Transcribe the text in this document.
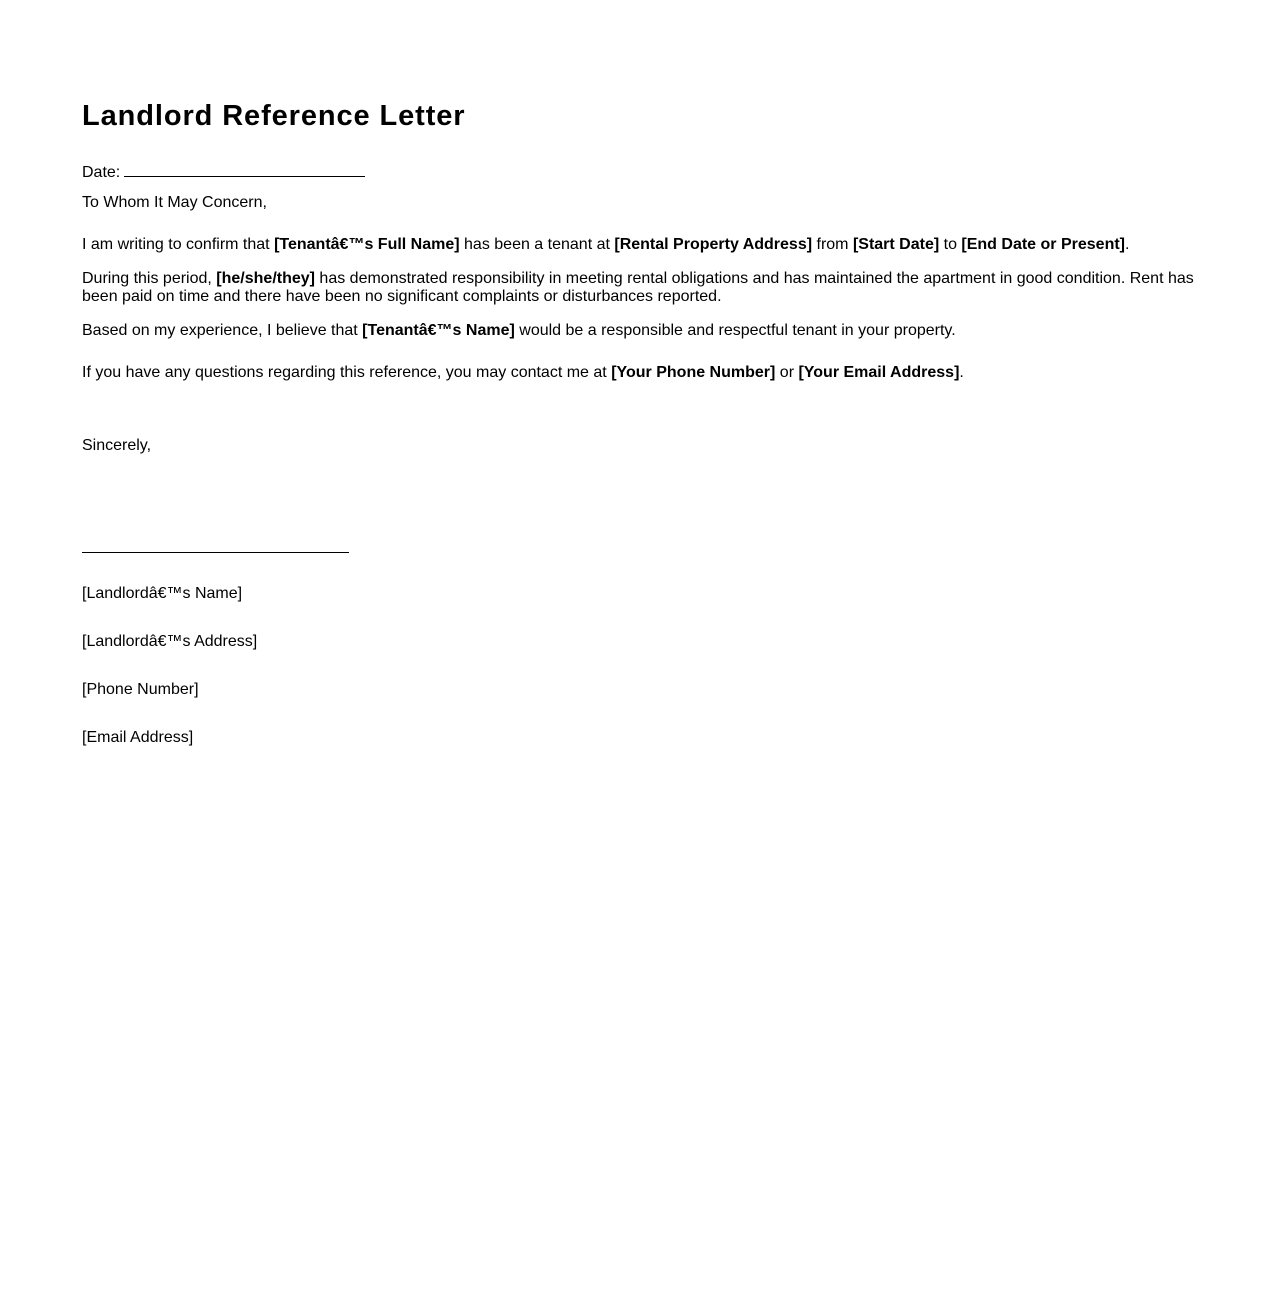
Landlord Reference Letter
Date:
To Whom It May Concern,
I am writing to confirm that [Tenantâ€™s Full Name] has been a tenant at [Rental Property Address] from [Start Date] to [End Date or Present].
During this period, [he/she/they] has demonstrated responsibility in meeting rental obligations and has maintained the apartment in good condition. Rent has been paid on time and there have been no significant complaints or disturbances reported.
Based on my experience, I believe that [Tenantâ€™s Name] would be a responsible and respectful tenant in your property.
If you have any questions regarding this reference, you may contact me at [Your Phone Number] or [Your Email Address].
Sincerely,
[Landlordâ€™s Name]
[Landlordâ€™s Address]
[Phone Number]
[Email Address]
